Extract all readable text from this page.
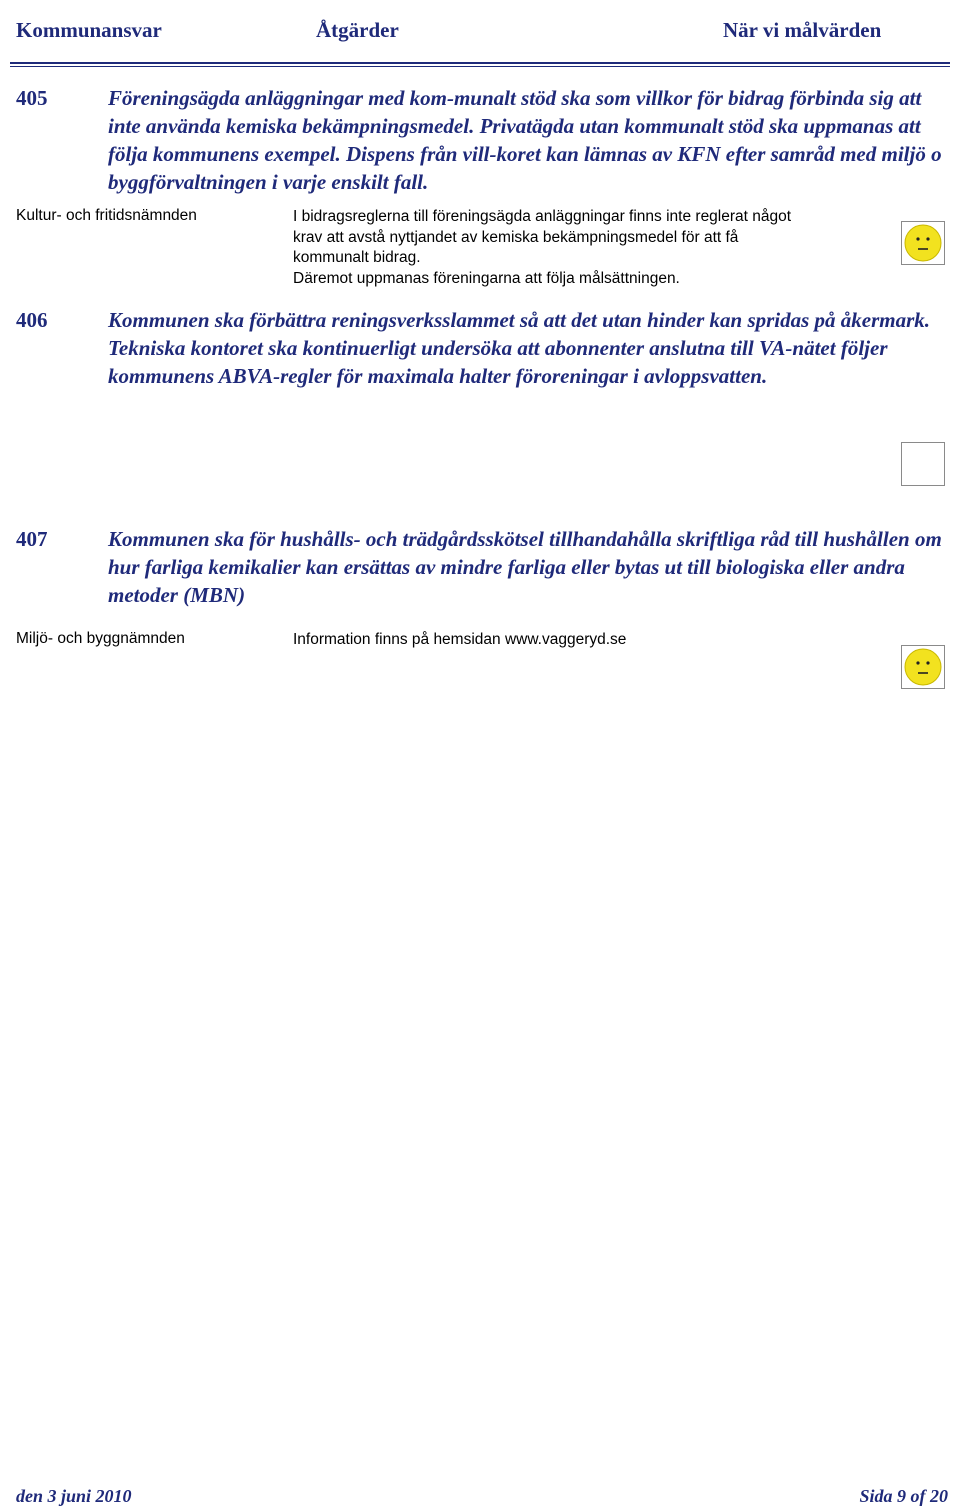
Kommunansvar	Åtgärder	När vi målvärden
405	Föreningsägda anläggningar med kom-munalt stöd ska som villkor för bidrag förbinda sig att inte använda kemiska bekämpningsmedel. Privatägda utan kommunalt stöd ska uppmanas att följa kommunens exempel. Dispens från vill-koret kan lämnas av KFN efter samråd med miljö o byggförvaltningen i varje enskilt fall.
Kultur- och fritidsnämnden	I bidragsreglerna till föreningsägda anläggningar finns inte reglerat något
krav att avstå nyttjandet av kemiska bekämpningsmedel för att få
kommunalt bidrag.
Däremot uppmanas föreningarna att följa målsättningen.
406	Kommunen ska förbättra reningsverksslammet så att det utan hinder kan spridas på åkermark. Tekniska kontoret ska kontinuerligt undersöka att abonnenter anslutna till VA-nätet följer kommunens ABVA-regler för maximala halter föroreningar i avloppsvatten.
407	Kommunen ska för hushålls- och trädgårdsskötsel tillhandahålla skriftliga råd till hushållen om hur farliga kemikalier kan ersättas av mindre farliga eller bytas ut till biologiska eller andra metoder (MBN)
Miljö- och byggnämnden	Information finns på hemsidan www.vaggeryd.se
den 3 juni 2010	Sida 9 of 20
